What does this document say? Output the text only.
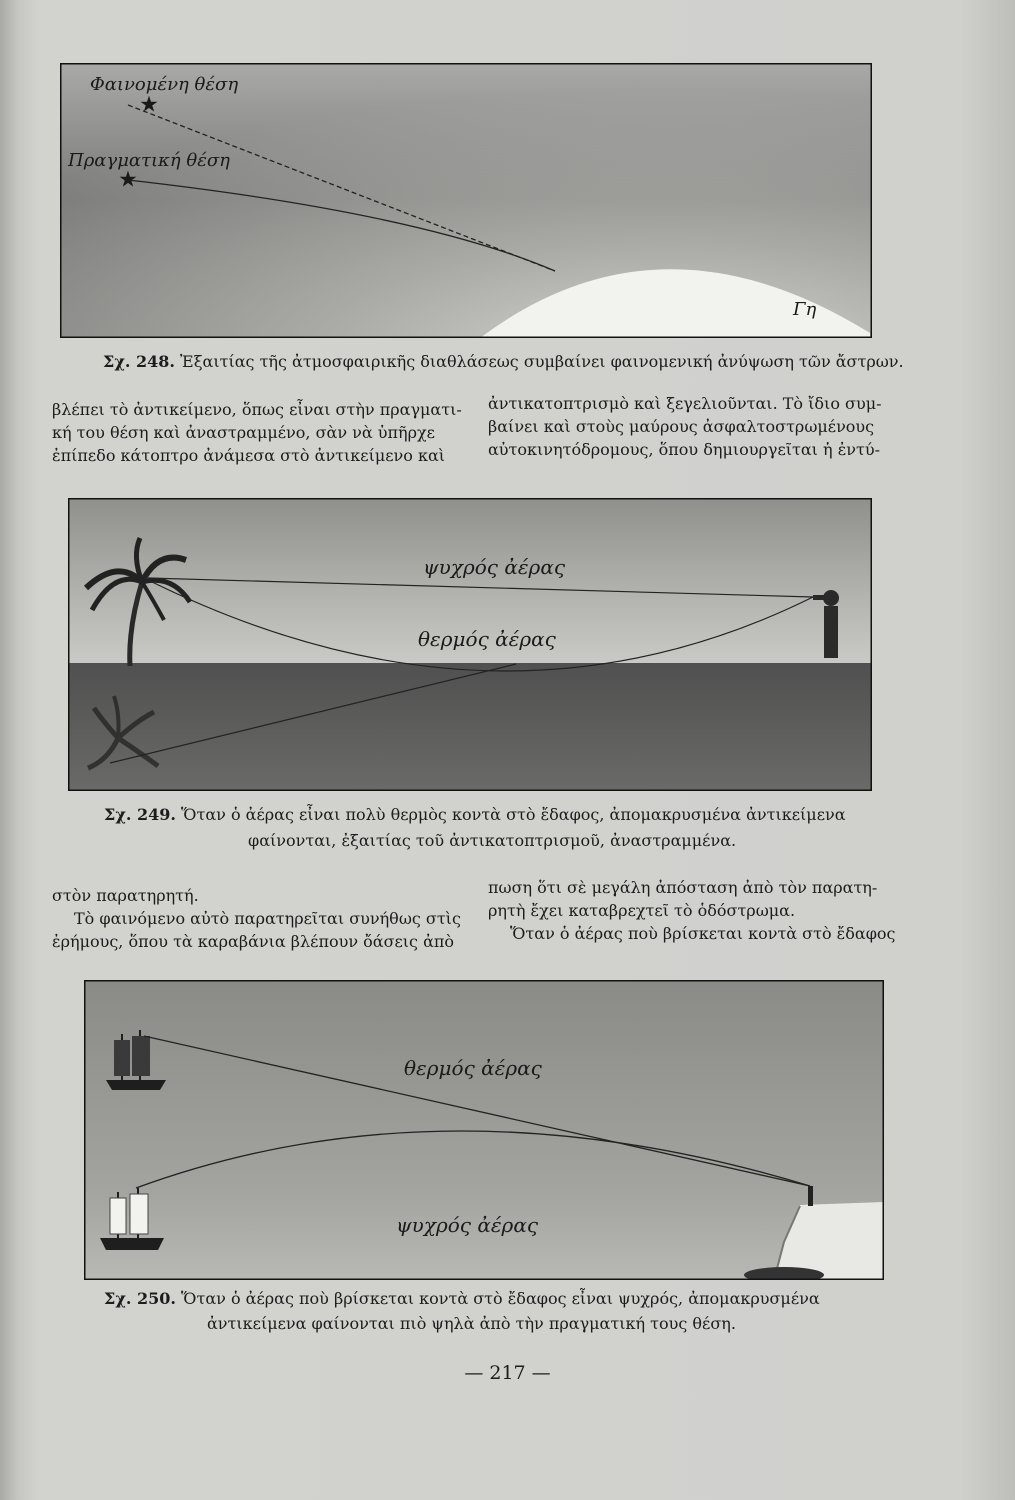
★
★
Φαινομένη θέση
Πραγματική θέση
Γη
Σχ. 248. Ἐξαιτίας τῆς ἀτμοσφαιρικῆς διαθλάσεως συμβαίνει φαινομενική ἀνύψωση τῶν ἄστρων.
βλέπει τὸ ἀντικείμενο, ὅπως εἶναι στὴν πραγματι-
κή του θέση καὶ ἀναστραμμένο, σὰν νὰ ὑπῆρχε
ἐπίπεδο κάτοπτρο ἀνάμεσα στὸ ἀντικείμενο καὶ
ἀντικατοπτρισμὸ καὶ ξεγελιοῦνται. Τὸ ἴδιο συμ-
βαίνει καὶ στοὺς μαύρους ἀσφαλτοστρωμένους
αὐτοκινητόδρομους, ὅπου δημιουργεῖται ἡ ἐντύ-
ψυχρός ἀέρας
θερμός ἀέρας
Σχ. 249. Ὅταν ὁ ἀέρας εἶναι πολὺ θερμὸς κοντὰ στὸ ἔδαφος, ἀπομακρυσμένα ἀντικείμενα
φαίνονται, ἐξαιτίας τοῦ ἀντικατοπτρισμοῦ, ἀναστραμμένα.
στὸν παρατηρητή.
Τὸ φαινόμενο αὐτὸ παρατηρεῖται συνήθως στὶς
ἐρήμους, ὅπου τὰ καραβάνια βλέπουν ὄάσεις ἀπὸ
πωση ὅτι σὲ μεγάλη ἀπόσταση ἀπὸ τὸν παρατη-
ρητὴ ἔχει καταβρεχτεῖ τὸ ὁδόστρωμα.
Ὅταν ὁ ἀέρας ποὺ βρίσκεται κοντὰ στὸ ἔδαφος
θερμός ἀέρας
ψυχρός ἀέρας
Σχ. 250. Ὅταν ὁ ἀέρας ποὺ βρίσκεται κοντὰ στὸ ἔδαφος εἶναι ψυχρός, ἀπομακρυσμένα
ἀντικείμενα φαίνονται πιὸ ψηλὰ ἀπὸ τὴν πραγματική τους θέση.
— 217 —
